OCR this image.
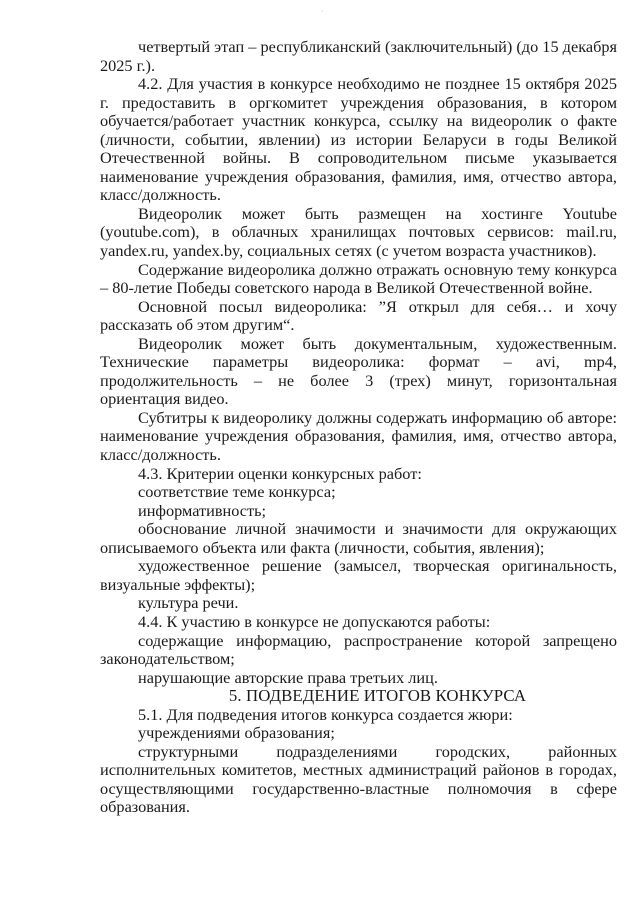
четвертый этап – республиканский (заключительный) (до 15 декабря 2025 г.).

4.2. Для участия в конкурсе необходимо не позднее 15 октября 2025 г. предоставить в оргкомитет учреждения образования, в котором обучается/работает участник конкурса, ссылку на видеоролик о факте (личности, событии, явлении) из истории Беларуси в годы Великой Отечественной войны. В сопроводительном письме указывается наименование учреждения образования, фамилия, имя, отчество автора, класс/должность.

Видеоролик может быть размещен на хостинге Youtube (youtube.com), в облачных хранилищах почтовых сервисов: mail.ru, yandex.ru, yandex.by, социальных сетях (с учетом возраста участников).

Содержание видеоролика должно отражать основную тему конкурса – 80-летие Победы советского народа в Великой Отечественной войне.

Основной посыл видеоролика: ”Я открыл для себя… и хочу рассказать об этом другим“.

Видеоролик может быть документальным, художественным. Технические параметры видеоролика: формат – avi, mp4, продолжительность – не более 3 (трех) минут, горизонтальная ориентация видео.

Субтитры к видеоролику должны содержать информацию об авторе: наименование учреждения образования, фамилия, имя, отчество автора, класс/должность.

4.3. Критерии оценки конкурсных работ:

соответствие теме конкурса;

информативность;

обоснование личной значимости и значимости для окружающих описываемого объекта или факта (личности, события, явления);

художественное решение (замысел, творческая оригинальность, визуальные эффекты);

культура речи.

4.4. К участию в конкурсе не допускаются работы:

содержащие информацию, распространение которой запрещено законодательством;

нарушающие авторские права третьих лиц.

5. ПОДВЕДЕНИЕ ИТОГОВ КОНКУРСА

5.1. Для подведения итогов конкурса создается жюри:

учреждениями образования;

структурными подразделениями городских, районных исполнительных комитетов, местных администраций районов в городах, осуществляющими государственно-властные полномочия в сфере образования.
